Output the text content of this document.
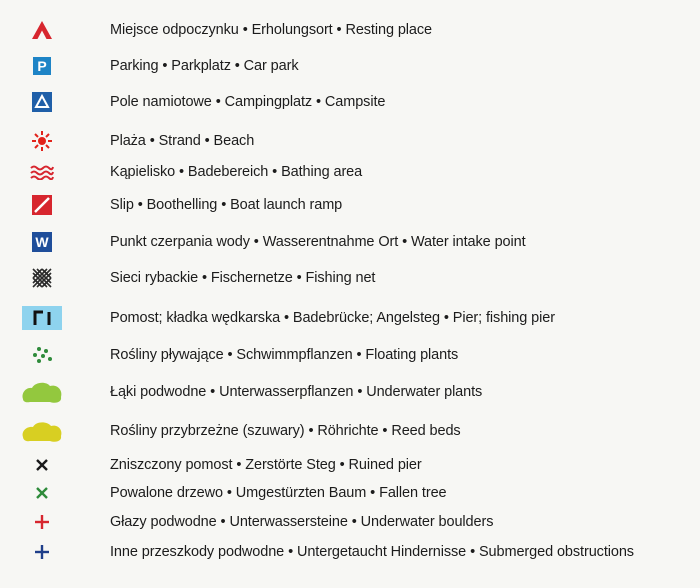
Miejsce odpoczynku • Erholungsort • Resting place
P	Parking • Parkplatz • Car park
Pole namiotowe • Campingplatz • Campsite
Plaża • Strand • Beach
Kąpielisko • Badebereich • Bathing area
Slip • Boothelling • Boat launch ramp
W	Punkt czerpania wody • Wasserentnahme Ort • Water intake point
Sieci rybackie • Fischernetze • Fishing net
Pomost; kładka wędkarska • Badebrücke; Angelsteg • Pier; fishing pier
Rośliny pływające • Schwimmpflanzen • Floating plants
Łąki podwodne • Unterwasserpflanzen • Underwater plants
Rośliny przybrzeżne (szuwary) • Röhrichte • Reed beds
Zniszczony pomost • Zerstörte Steg • Ruined pier
Powalone drzewo • Umgestürzten Baum • Fallen tree
Głazy podwodne • Unterwassersteine • Underwater boulders
Inne przeszkody podwodne • Untergetaucht Hindernisse • Submerged obstructions
